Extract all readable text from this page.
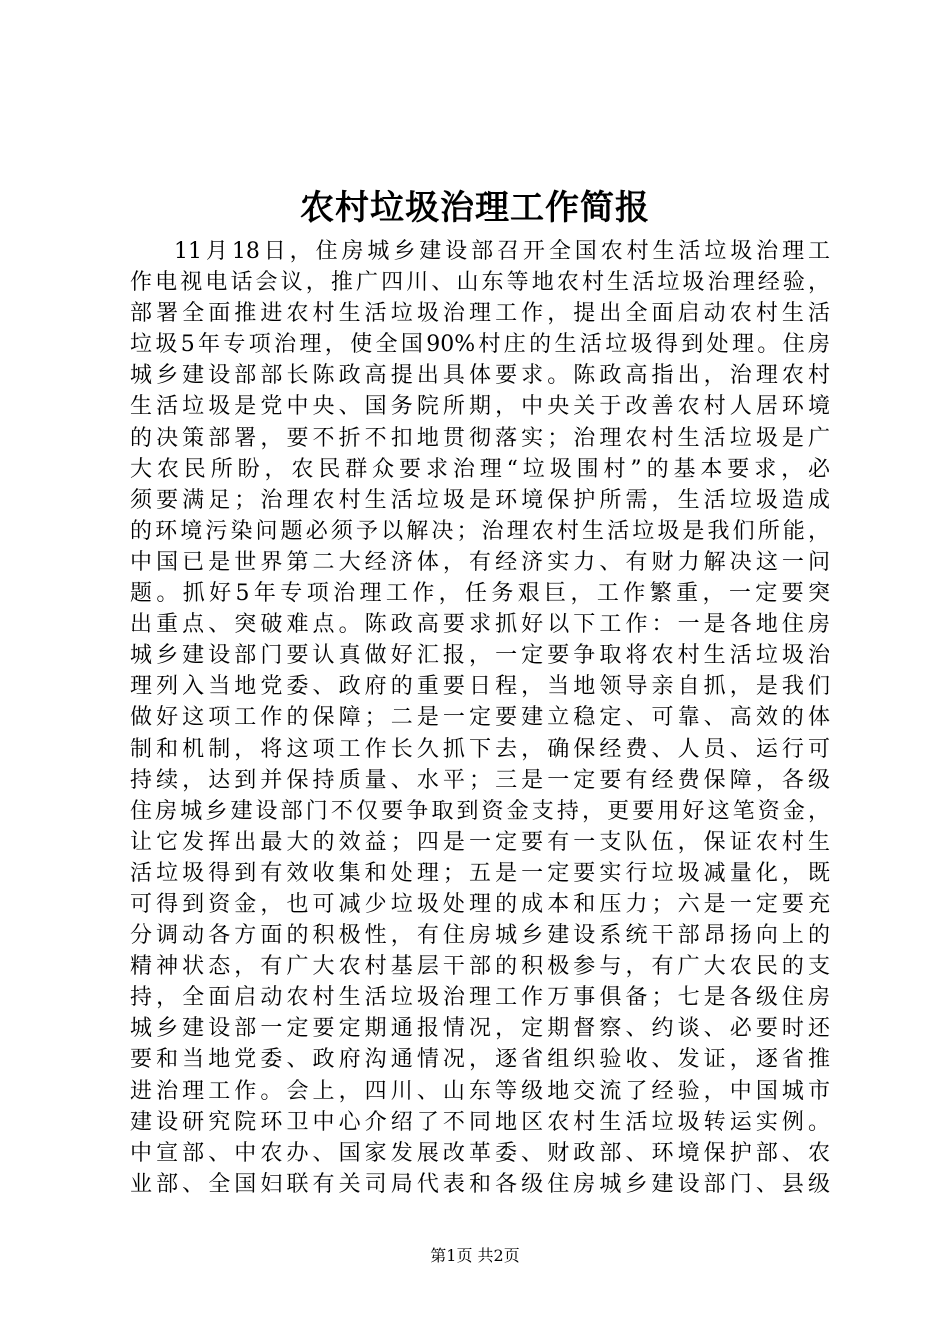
农村垃圾治理工作简报
11月18日，住房城乡建设部召开全国农村生活垃圾治理工
作电视电话会议，推广四川、山东等地农村生活垃圾治理经验，
部署全面推进农村生活垃圾治理工作，提出全面启动农村生活
垃圾5年专项治理，使全国90%村庄的生活垃圾得到处理。住房
城乡建设部部长陈政高提出具体要求。陈政高指出，治理农村
生活垃圾是党中央、国务院所期，中央关于改善农村人居环境
的决策部署，要不折不扣地贯彻落实；治理农村生活垃圾是广
大农民所盼，农民群众要求治理“垃圾围村”的基本要求，必
须要满足；治理农村生活垃圾是环境保护所需，生活垃圾造成
的环境污染问题必须予以解决；治理农村生活垃圾是我们所能，
中国已是世界第二大经济体，有经济实力、有财力解决这一问
题。抓好5年专项治理工作，任务艰巨，工作繁重，一定要突
出重点、突破难点。陈政高要求抓好以下工作：一是各地住房
城乡建设部门要认真做好汇报，一定要争取将农村生活垃圾治
理列入当地党委、政府的重要日程，当地领导亲自抓，是我们
做好这项工作的保障；二是一定要建立稳定、可靠、高效的体
制和机制，将这项工作长久抓下去，确保经费、人员、运行可
持续，达到并保持质量、水平；三是一定要有经费保障，各级
住房城乡建设部门不仅要争取到资金支持，更要用好这笔资金，
让它发挥出最大的效益；四是一定要有一支队伍，保证农村生
活垃圾得到有效收集和处理；五是一定要实行垃圾减量化，既
可得到资金，也可减少垃圾处理的成本和压力；六是一定要充
分调动各方面的积极性，有住房城乡建设系统干部昂扬向上的
精神状态，有广大农村基层干部的积极参与，有广大农民的支
持，全面启动农村生活垃圾治理工作万事俱备；七是各级住房
城乡建设部一定要定期通报情况，定期督察、约谈、必要时还
要和当地党委、政府沟通情况，逐省组织验收、发证，逐省推
进治理工作。会上，四川、山东等级地交流了经验，中国城市
建设研究院环卫中心介绍了不同地区农村生活垃圾转运实例。
中宣部、中农办、国家发展改革委、财政部、环境保护部、农
业部、全国妇联有关司局代表和各级住房城乡建设部门、县级
第1页 共2页
